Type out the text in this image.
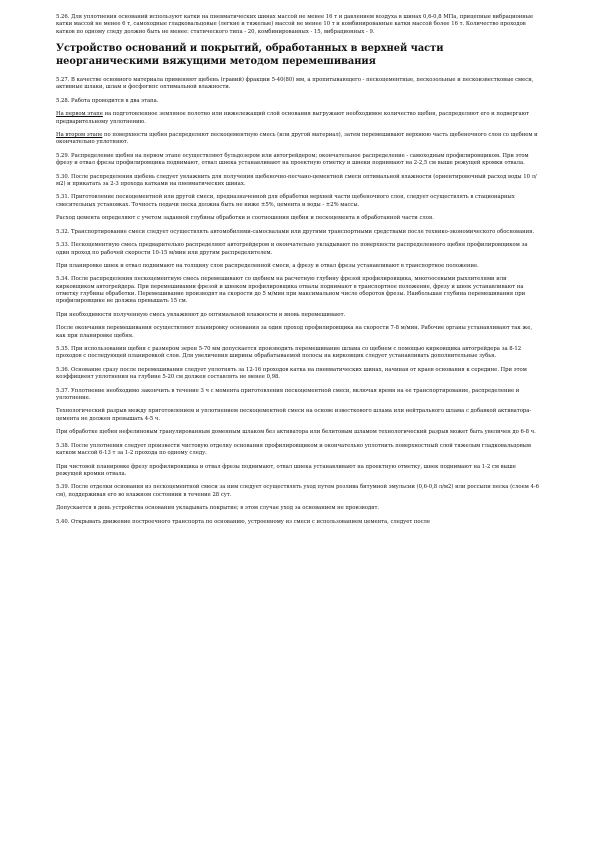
5.26. Для уплотнения оснований используют катки на пневматических шинах массой не менее 16 т и давлением воздуха в шинах 0,6-0,8 МПа, прицепные вибрационные катки массой не менее 6 т, самоходные гладковальцовые (легкие и тяжелые) массой не менее 10 т и комбинированные катки массой более 16 т. Количество проходов катков по одному следу должно быть не менее: статического типа - 20, комбинированных - 15, вибрационных - 9.

Устройство оснований и покрытий, обработанных в верхней части неорганическими вяжущими методом перемешивания

5.27. В качестве основного материала применяют щебень (гравий) фракции 5-40(80) мм, а пропитывающего - пескоцементные, пескозольные и пескоизвестковые смеси, активные шлаки, шлам и фосфогипс оптимальной влажности.

5.28. Работа проводится в два этапа.

На первом этапе на подготовленное земляное полотно или нижележащий слой основания выгружают необходимое количество щебня, распределяют его и подвергают предварительному уплотнению.

На втором этапе по поверхности щебня распределяют пескоцементную смесь (или другой материал), затем перемешивают верхнюю часть щебеночного слоя со щебнем и окончательно уплотняют.

5.29. Распределение щебня на первом этапе осуществляют бульдозером или автогрейдером; окончательное распределение - самоходным профилировщиком. При этом фрезу и отвал фрезы профилировщика поднимают, отвал шнека устанавливают на проектную отметку и шнеки поднимают на 2-2,5 см выше режущей кромки отвала.

5.30. После распределения щебень следует увлажнить для получения щебеночно-песчано-цементной смеси оптимальной влажности (ориентировочный расход воды 10 л/м2) и прикатать за 2-3 прохода катками на пневматических шинах.

5.31. Приготовление пескоцементной или другой смеси, предназначенной для обработки верхней части щебеночного слоя, следует осуществлять в стационарных смесительных установках. Точность подачи песка должна быть не ниже ±5%, цемента и воды - ±2% массы.

Расход цемента определяют с учетом заданной глубины обработки и соотношения щебня и пескоцемента в обработанной части слоя.

5.32. Транспортирование смеси следует осуществлять автомобилями-самосвалами или другими транспортными средствами после технико-экономического обоснования.

5.33. Пескоцементную смесь предварительно распределяют автогрейдером и окончательно укладывают по поверхности распределенного щебня профилировщиком за один проход по рабочей скорости 10-15 м/мин или другим распределителем.

При планировке шнек и отвал поднимают на толщину слоя распределенной смеси, а фрезу и отвал фрезы устанавливают в транспортное положение.

5.34. После распределения пескоцементную смесь перемешивают со щебнем на расчетную глубину фрезой профилировщика, многоосевыми рыхлителями или кирковщиком автогрейдера. При перемешивании фрезой и шнеком профилировщика отвалы поднимают в транспортное положение, фрезу и шнек устанавливают на отметку глубины обработки. Перемешивание производят на скорости до 5 м/мин при максимальном числе оборотов фрезы. Наибольшая глубина перемешивания при профилировщике не должна превышать 15 см.

При необходимости полученную смесь увлажняют до оптимальной влажности и вновь перемешивают.

После окончания перемешивания осуществляют планировку основания за один проход профилировщика на скорости 7-8 м/мин. Рабочие органы устанавливают так же, как при планировке щебня.

5.35. При использовании щебня с размером зерен 5-70 мм допускается производить перемешивание шлама со щебнем с помощью кирковщика автогрейдера за 8-12 проходов с последующей планировкой слоя. Для увеличения ширины обрабатываемой полосы на кирковщик следует устанавливать дополнительные зубья.

5.36. Основание сразу после перемешивания следует уплотнять за 12-16 проходов катка на пневматических шинах, начиная от краев основания к середине. При этом коэффициент уплотнения на глубине 5-20 см должен составлять не менее 0,98.

5.37. Уплотнение необходимо закончить в течение 3 ч с момента приготовления пескоцементной смеси, включая время на ее транспортирование, распределение и уплотнение.

Технологический разрыв между приготовлением и уплотнением пескоцементной смеси на основе известкового шлама или нейтрального шлама с добавкой активатора-цемента не должен превышать 4-5 ч.

При обработке щебня нефелиновым гранулированным доменным шлаком без активатора или белитовым шламом технологический разрыв может быть увеличен до 6-8 ч.

5.38. После уплотнения следует произвести чистовую отделку основания профилировщиком и окончательно уплотнить поверхностный слой тяжелым гладковальцовым катком массой 6-13 т за 1-2 прохода по одному следу.

При чистовой планировке фрезу профилировщика и отвал фрезы поднимают, отвал шнека устанавливают на проектную отметку, шнек поднимают на 1-2 см выше режущей кромки отвала.

5.39. После отделки основания из пескоцементной смеси за ним следует осуществлять уход путем розлива битумной эмульсии (0,6-0,8 л/м2) или россыпи песка (слоем 4-6 см), поддерживая его во влажном состоянии в течение 28 сут.

Допускается в день устройства основания укладывать покрытие; в этом случае уход за основанием не производят.

5.40. Открывать движение построечного транспорта по основанию, устроенному из смеси с использованием цемента, следует после
